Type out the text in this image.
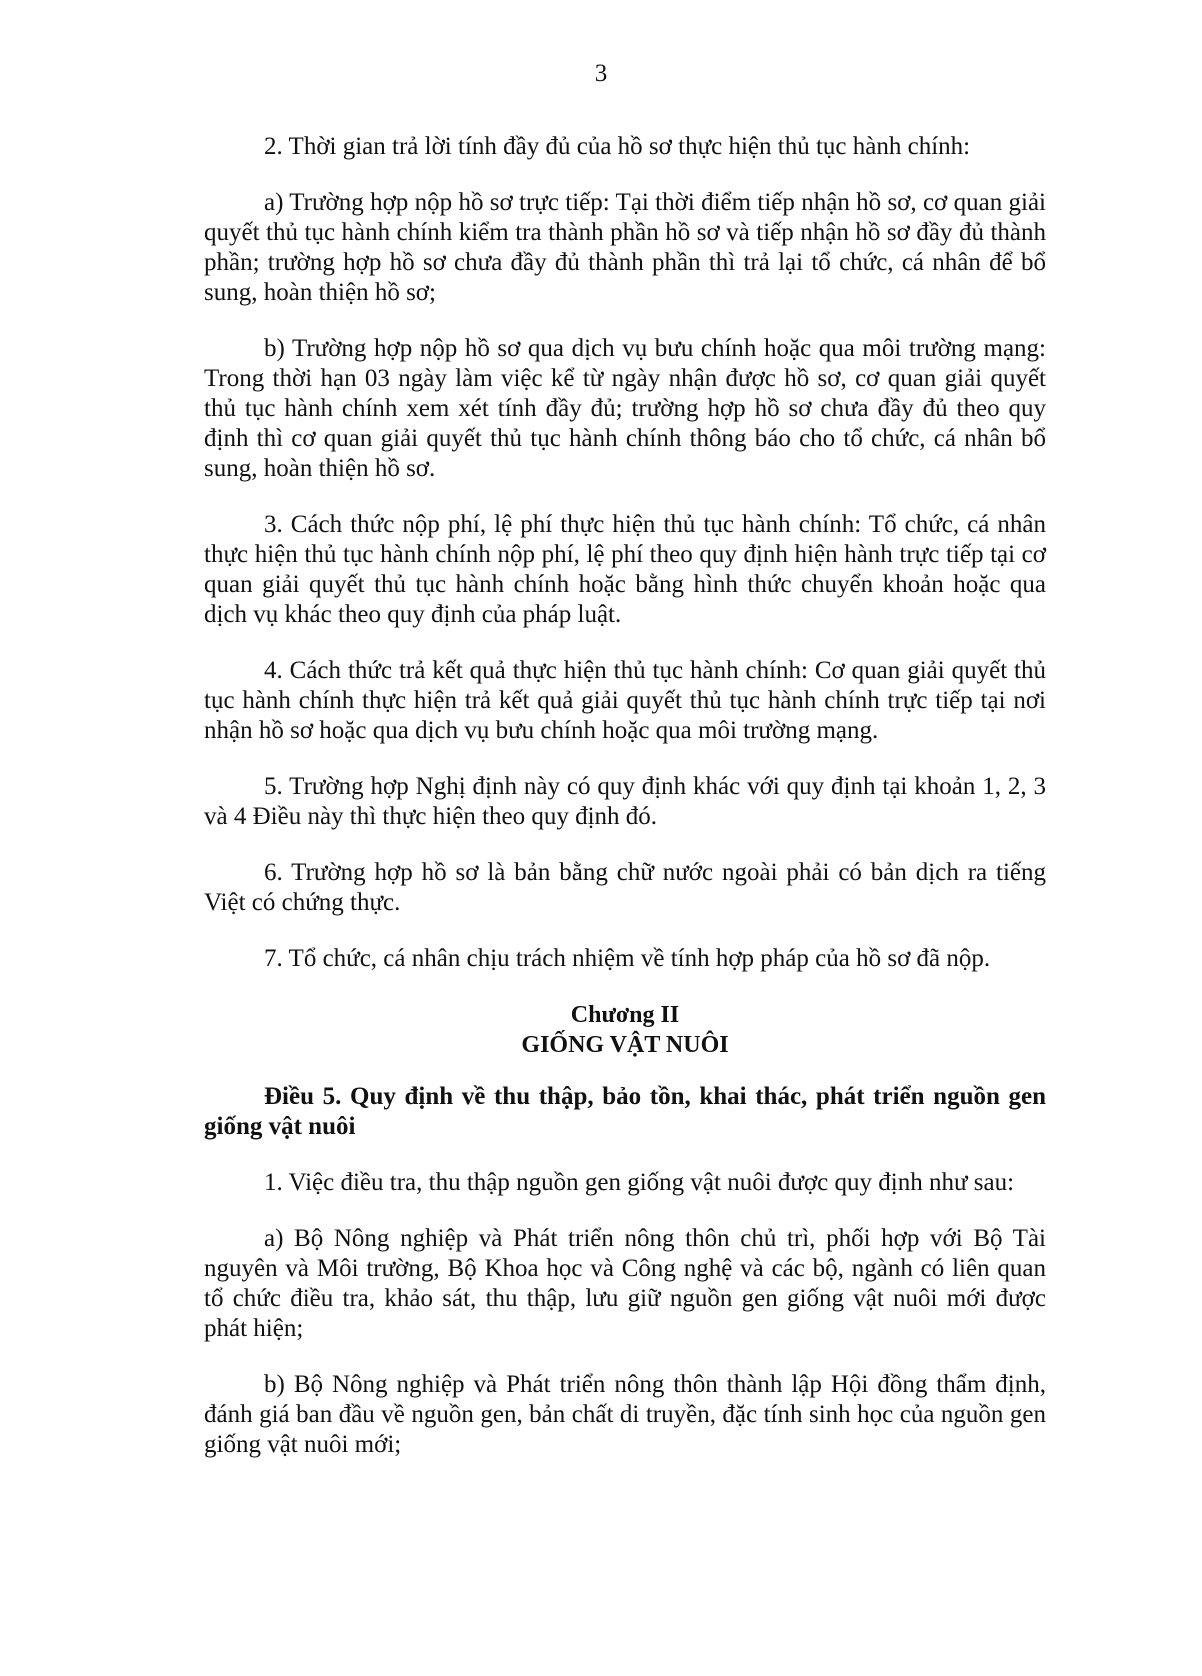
3

2. Thời gian trả lời tính đầy đủ của hồ sơ thực hiện thủ tục hành chính:

a) Trường hợp nộp hồ sơ trực tiếp: Tại thời điểm tiếp nhận hồ sơ, cơ quan giải quyết thủ tục hành chính kiểm tra thành phần hồ sơ và tiếp nhận hồ sơ đầy đủ thành phần; trường hợp hồ sơ chưa đầy đủ thành phần thì trả lại tổ chức, cá nhân để bổ sung, hoàn thiện hồ sơ;

b) Trường hợp nộp hồ sơ qua dịch vụ bưu chính hoặc qua môi trường mạng: Trong thời hạn 03 ngày làm việc kể từ ngày nhận được hồ sơ, cơ quan giải quyết thủ tục hành chính xem xét tính đầy đủ; trường hợp hồ sơ chưa đầy đủ theo quy định thì cơ quan giải quyết thủ tục hành chính thông báo cho tổ chức, cá nhân bổ sung, hoàn thiện hồ sơ.

3. Cách thức nộp phí, lệ phí thực hiện thủ tục hành chính: Tổ chức, cá nhân thực hiện thủ tục hành chính nộp phí, lệ phí theo quy định hiện hành trực tiếp tại cơ quan giải quyết thủ tục hành chính hoặc bằng hình thức chuyển khoản hoặc qua dịch vụ khác theo quy định của pháp luật.

4. Cách thức trả kết quả thực hiện thủ tục hành chính: Cơ quan giải quyết thủ tục hành chính thực hiện trả kết quả giải quyết thủ tục hành chính trực tiếp tại nơi nhận hồ sơ hoặc qua dịch vụ bưu chính hoặc qua môi trường mạng.

5. Trường hợp Nghị định này có quy định khác với quy định tại khoản 1, 2, 3 và 4 Điều này thì thực hiện theo quy định đó.

6. Trường hợp hồ sơ là bản bằng chữ nước ngoài phải có bản dịch ra tiếng Việt có chứng thực.

7. Tổ chức, cá nhân chịu trách nhiệm về tính hợp pháp của hồ sơ đã nộp.

Chương II
GIỐNG VẬT NUÔI

Điều 5. Quy định về thu thập, bảo tồn, khai thác, phát triển nguồn gen giống vật nuôi

1. Việc điều tra, thu thập nguồn gen giống vật nuôi được quy định như sau:

a) Bộ Nông nghiệp và Phát triển nông thôn chủ trì, phối hợp với Bộ Tài nguyên và Môi trường, Bộ Khoa học và Công nghệ và các bộ, ngành có liên quan tổ chức điều tra, khảo sát, thu thập, lưu giữ nguồn gen giống vật nuôi mới được phát hiện;

b) Bộ Nông nghiệp và Phát triển nông thôn thành lập Hội đồng thẩm định, đánh giá ban đầu về nguồn gen, bản chất di truyền, đặc tính sinh học của nguồn gen giống vật nuôi mới;
